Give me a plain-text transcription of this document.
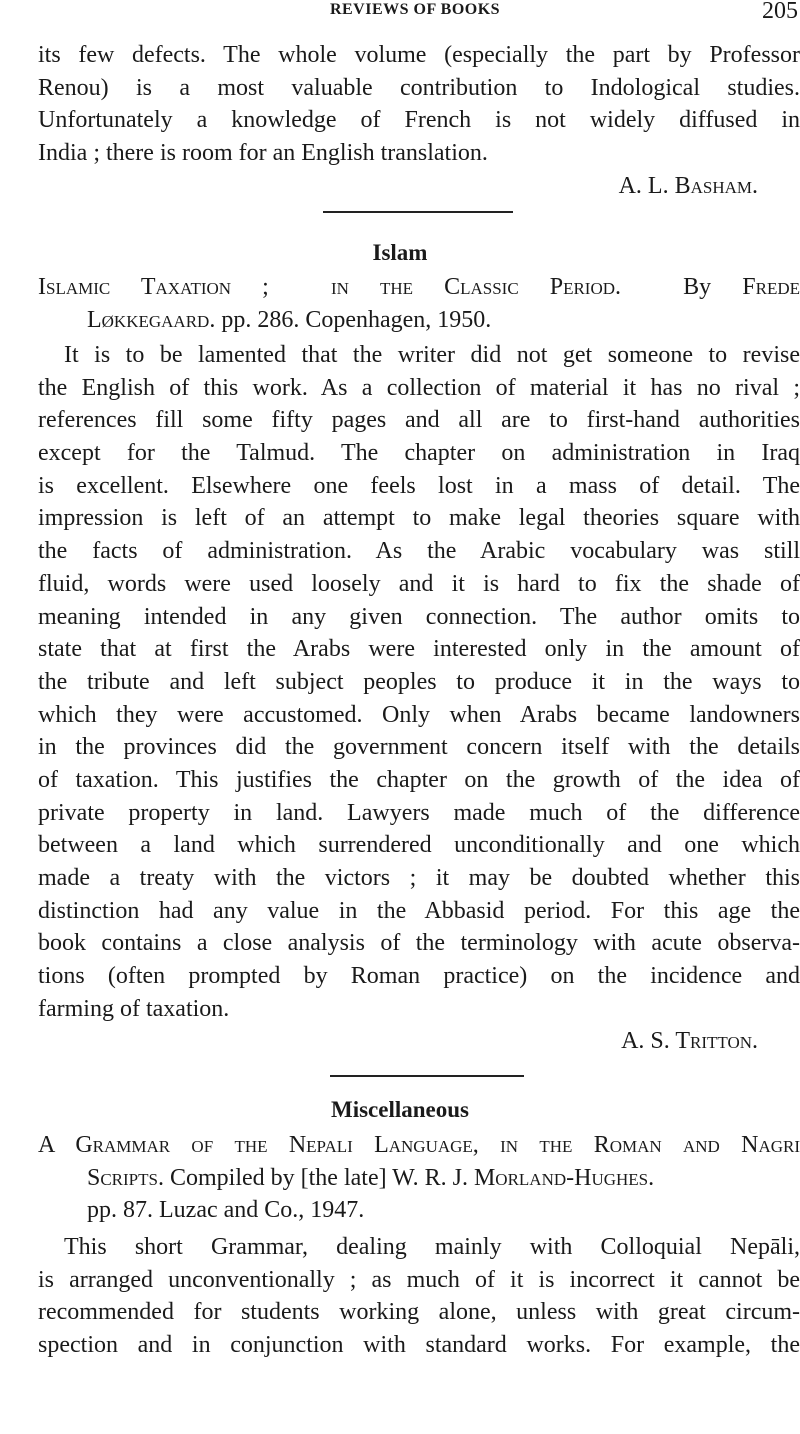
REVIEWS OF BOOKS	205
its few defects. The whole volume (especially the part by Professor
Renou) is a most valuable contribution to Indological studies.
Unfortunately a knowledge of French is not widely diffused in
India ; there is room for an English translation.
A. L. Basham.
Islam
Islamic Taxation ;  in the Classic Period.  By Frede
Løkkegaard. pp. 286. Copenhagen, 1950.
It is to be lamented that the writer did not get someone to revise
the English of this work. As a collection of material it has no rival ;
references fill some fifty pages and all are to first-hand authorities
except for the Talmud. The chapter on administration in Iraq
is excellent. Elsewhere one feels lost in a mass of detail. The
impression is left of an attempt to make legal theories square with
the facts of administration. As the Arabic vocabulary was still
fluid, words were used loosely and it is hard to fix the shade of
meaning intended in any given connection. The author omits to
state that at first the Arabs were interested only in the amount of
the tribute and left subject peoples to produce it in the ways to
which they were accustomed. Only when Arabs became landowners
in the provinces did the government concern itself with the details
of taxation. This justifies the chapter on the growth of the idea of
private property in land. Lawyers made much of the difference
between a land which surrendered unconditionally and one which
made a treaty with the victors ; it may be doubted whether this
distinction had any value in the Abbasid period. For this age the
book contains a close analysis of the terminology with acute observa-
tions (often prompted by Roman practice) on the incidence and
farming of taxation.
A. S. Tritton.
Miscellaneous
A Grammar of the Nepali Language, in the Roman and Nagri
Scripts. Compiled by [the late] W. R. J. Morland-Hughes.
pp. 87. Luzac and Co., 1947.
This short Grammar, dealing mainly with Colloquial Nepāli,
is arranged unconventionally ; as much of it is incorrect it cannot be
recommended for students working alone, unless with great circum-
spection and in conjunction with standard works. For example, the
